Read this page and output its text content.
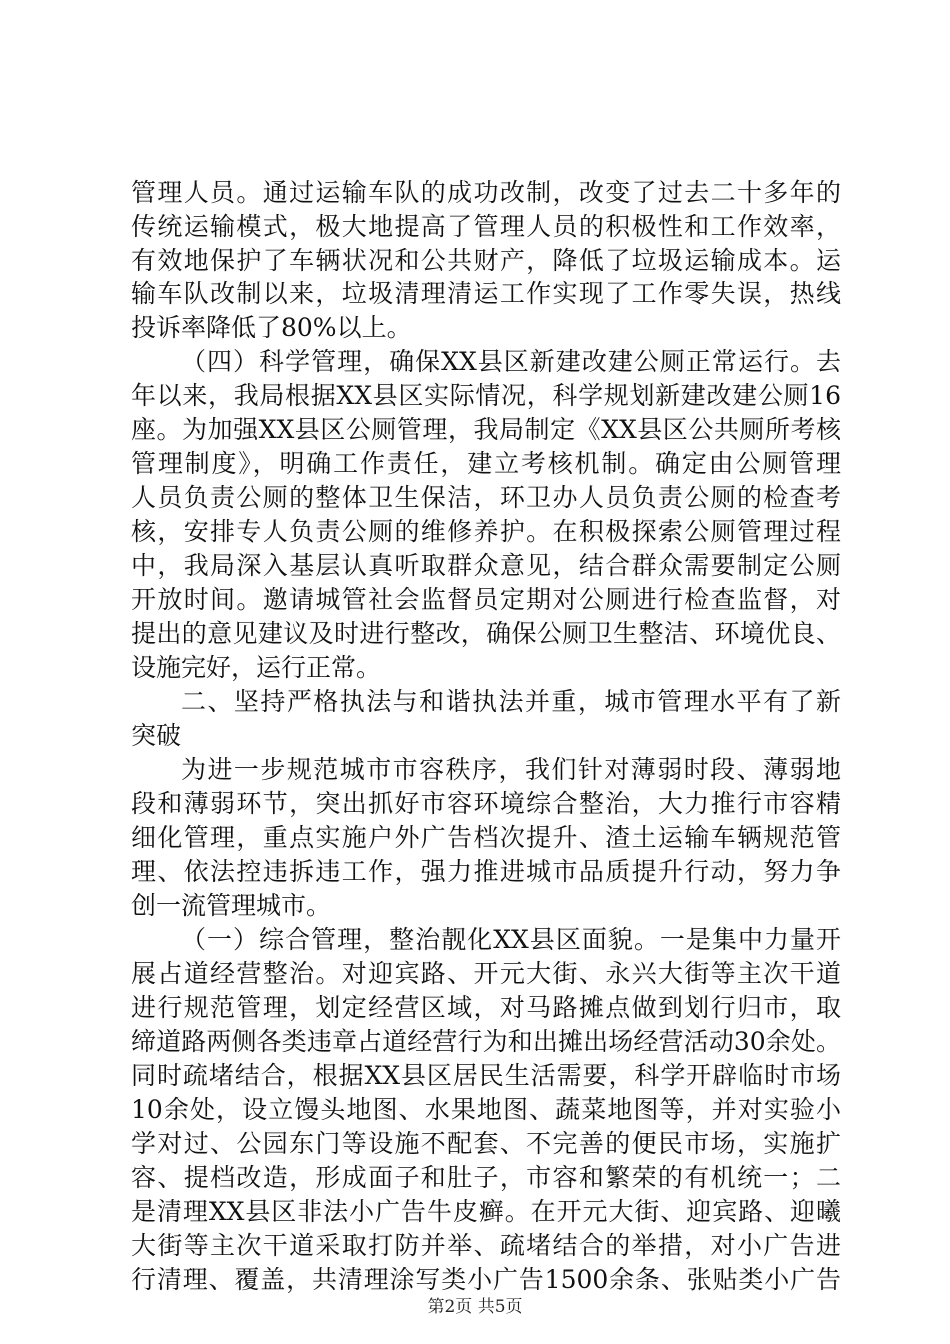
管理人员。通过运输车队的成功改制，改变了过去二十多年的
传统运输模式，极大地提高了管理人员的积极性和工作效率，
有效地保护了车辆状况和公共财产，降低了垃圾运输成本。运
输车队改制以来，垃圾清理清运工作实现了工作零失误，热线
投诉率降低了80%以上。
（四）科学管理，确保XX县区新建改建公厕正常运行。去
年以来，我局根据XX县区实际情况，科学规划新建改建公厕16
座。为加强XX县区公厕管理，我局制定《XX县区公共厕所考核
管理制度》，明确工作责任，建立考核机制。确定由公厕管理
人员负责公厕的整体卫生保洁，环卫办人员负责公厕的检查考
核，安排专人负责公厕的维修养护。在积极探索公厕管理过程
中，我局深入基层认真听取群众意见，结合群众需要制定公厕
开放时间。邀请城管社会监督员定期对公厕进行检查监督，对
提出的意见建议及时进行整改，确保公厕卫生整洁、环境优良、
设施完好，运行正常。
二、坚持严格执法与和谐执法并重，城市管理水平有了新
突破
为进一步规范城市市容秩序，我们针对薄弱时段、薄弱地
段和薄弱环节，突出抓好市容环境综合整治，大力推行市容精
细化管理，重点实施户外广告档次提升、渣土运输车辆规范管
理、依法控违拆违工作，强力推进城市品质提升行动，努力争
创一流管理城市。
（一）综合管理，整治靓化XX县区面貌。一是集中力量开
展占道经营整治。对迎宾路、开元大街、永兴大街等主次干道
进行规范管理，划定经营区域，对马路摊点做到划行归市，取
缔道路两侧各类违章占道经营行为和出摊出场经营活动30余处。
同时疏堵结合，根据XX县区居民生活需要，科学开辟临时市场
10余处，设立馒头地图、水果地图、蔬菜地图等，并对实验小
学对过、公园东门等设施不配套、不完善的便民市场，实施扩
容、提档改造，形成面子和肚子，市容和繁荣的有机统一；二
是清理XX县区非法小广告牛皮癣。在开元大街、迎宾路、迎曦
大街等主次干道采取打防并举、疏堵结合的举措，对小广告进
行清理、覆盖，共清理涂写类小广告1500余条、张贴类小广告
第2页 共5页
